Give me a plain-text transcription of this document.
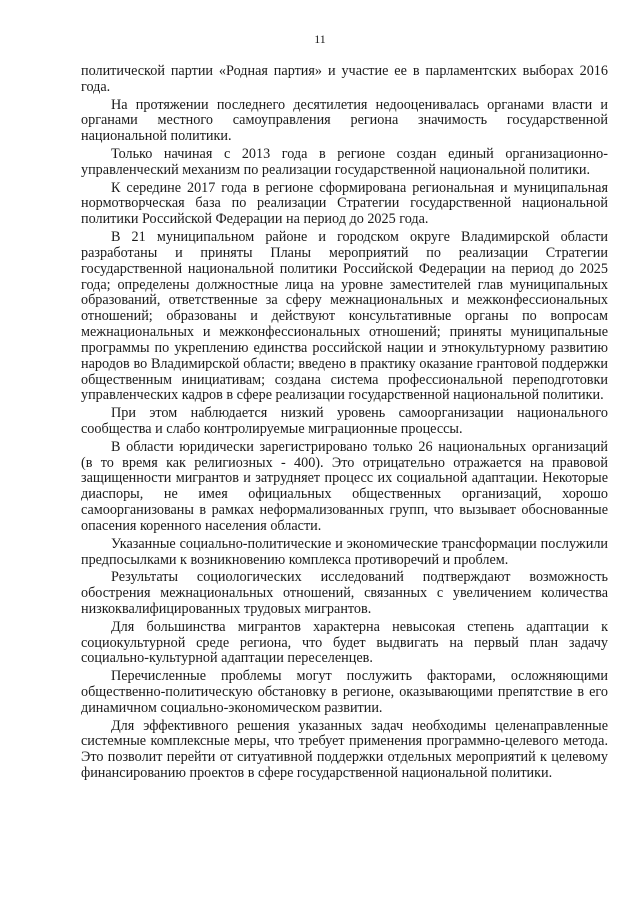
11

политической партии «Родная партия» и участие ее в парламентских выборах 2016 года.

На протяжении последнего десятилетия недооценивалась органами власти и органами местного самоуправления региона значимость государственной национальной политики.

Только начиная с 2013 года в регионе создан единый организационно-управленческий механизм по реализации государственной национальной политики.

К середине 2017 года в регионе сформирована региональная и муниципальная нормотворческая база по реализации Стратегии государственной национальной политики Российской Федерации на период до 2025 года.

В 21 муниципальном районе и городском округе Владимирской области разработаны и приняты Планы мероприятий по реализации Стратегии государственной национальной политики Российской Федерации на период до 2025 года; определены должностные лица на уровне заместителей глав муниципальных образований, ответственные за сферу межнациональных и межконфессиональных отношений; образованы и действуют консультативные органы по вопросам межнациональных и межконфессиональных отношений; приняты муниципальные программы по укреплению единства российской нации и этнокультурному развитию народов во Владимирской области; введено в практику оказание грантовой поддержки общественным инициативам; создана система профессиональной переподготовки управленческих кадров в сфере реализации государственной национальной политики.

При этом наблюдается низкий уровень самоорганизации национального сообщества и слабо контролируемые миграционные процессы.

В области юридически зарегистрировано только 26 национальных организаций (в то время как религиозных - 400). Это отрицательно отражается на правовой защищенности мигрантов и затрудняет процесс их социальной адаптации. Некоторые диаспоры, не имея официальных общественных организаций, хорошо самоорганизованы в рамках неформализованных групп, что вызывает обоснованные опасения коренного населения области.

Указанные социально-политические и экономические трансформации послужили предпосылками к возникновению комплекса противоречий и проблем.

Результаты социологических исследований подтверждают возможность обострения межнациональных отношений, связанных с увеличением количества низкоквалифицированных трудовых мигрантов.

Для большинства мигрантов характерна невысокая степень адаптации к социокультурной среде региона, что будет выдвигать на первый план задачу социально-культурной адаптации переселенцев.

Перечисленные проблемы могут послужить факторами, осложняющими общественно-политическую обстановку в регионе, оказывающими препятствие в его динамичном социально-экономическом развитии.

Для эффективного решения указанных задач необходимы целенаправленные системные комплексные меры, что требует применения программно-целевого метода. Это позволит перейти от ситуативной поддержки отдельных мероприятий к целевому финансированию проектов в сфере государственной национальной политики.
